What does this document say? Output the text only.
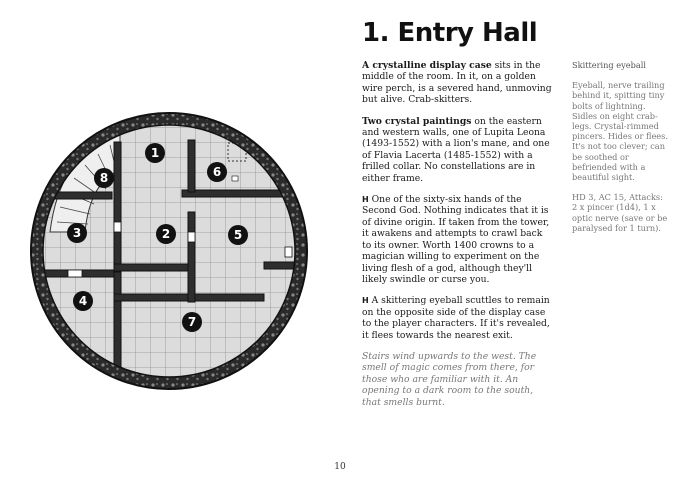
1
2
3
4
5
6
7
8
1. Entry Hall

A crystalline display case sits in the middle of the room. In it, on a golden wire perch, is a severed hand, unmoving but alive. Crab-skitters.

Two crystal paintings on the eastern and western walls, one of Lupita Leona (1493-1552) with a lion's mane, and one of Flavia Lacerta (1485-1552) with a frilled collar. No constellations are in either frame.

H One of the sixty-six hands of the Second God. Nothing indicates that it is of divine origin. If taken from the tower, it awakens and attempts to crawl back to its owner. Worth 1400 crowns to a magician willing to experiment on the living flesh of a god, although they'll likely swindle or curse you.

H A skittering eyeball scuttles to remain on the opposite side of the display case to the player characters. If it's revealed, it flees towards the nearest exit.

Stairs wind upwards to the west. The smell of magic comes from there, for those who are familiar with it. An opening to a dark room to the south, that smells burnt.

Skittering eyeball

Eyeball, nerve trailing behind it, spitting tiny bolts of lightning. Sidles on eight crab-legs. Crystal-rimmed pincers. Hides or flees. It's not too clever; can be soothed or befriended with a beautiful sight.

HD 3, AC 15, Attacks: 2 x pincer (1d4), 1 x optic nerve (save or be paralysed for 1 turn).

10
